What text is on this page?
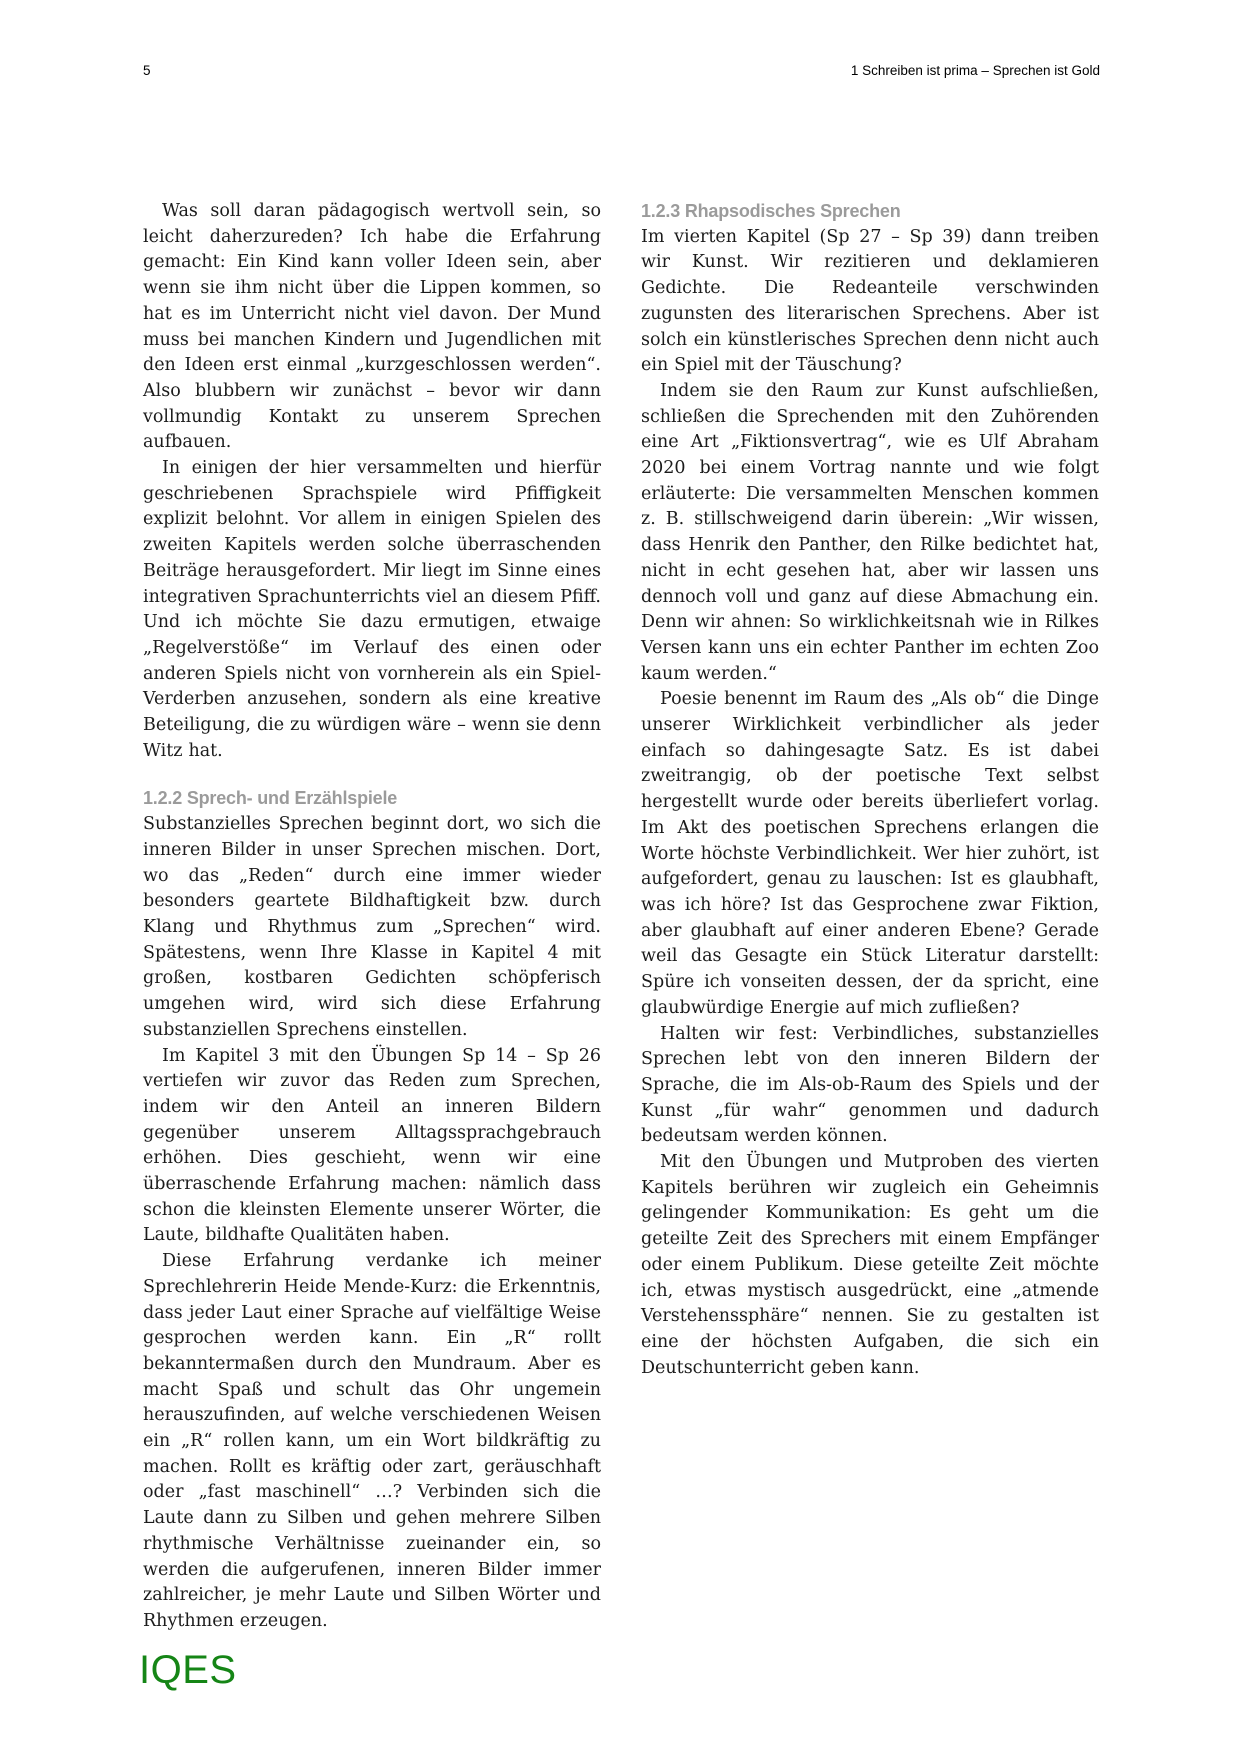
5	1 Schreiben ist prima – Sprechen ist Gold

Was soll daran pädagogisch wertvoll sein, so leicht daherzureden? Ich habe die Erfahrung gemacht: Ein Kind kann voller Ideen sein, aber wenn sie ihm nicht über die Lippen kommen, so hat es im Unterricht nicht viel davon. Der Mund muss bei manchen Kindern und Jugendlichen mit den Ideen erst einmal „kurzgeschlossen werden“. Also blubbern wir zunächst – bevor wir dann vollmundig Kontakt zu unserem Sprechen aufbauen.

In einigen der hier versammelten und hierfür geschriebenen Sprachspiele wird Pfiffigkeit explizit belohnt. Vor allem in einigen Spielen des zweiten Kapitels werden solche überraschenden Beiträge herausgefordert. Mir liegt im Sinne eines integrativen Sprachunterrichts viel an diesem Pfiff. Und ich möchte Sie dazu ermutigen, etwaige „Regelverstöße“ im Verlauf des einen oder anderen Spiels nicht von vornherein als ein Spiel-Verderben anzusehen, sondern als eine kreative Beteiligung, die zu würdigen wäre – wenn sie denn Witz hat.

1.2.2 Sprech- und Erzählspiele

Substanzielles Sprechen beginnt dort, wo sich die inneren Bilder in unser Sprechen mischen. Dort, wo das „Reden“ durch eine immer wieder besonders geartete Bildhaftigkeit bzw. durch Klang und Rhythmus zum „Sprechen“ wird. Spätestens, wenn Ihre Klasse in Kapitel 4 mit großen, kostbaren Gedichten schöpferisch umgehen wird, wird sich diese Erfahrung substanziellen Sprechens einstellen.

Im Kapitel 3 mit den Übungen Sp 14 – Sp 26 vertiefen wir zuvor das Reden zum Sprechen, indem wir den Anteil an inneren Bildern gegenüber unserem Alltagssprachgebrauch erhöhen. Dies geschieht, wenn wir eine überraschende Erfahrung machen: nämlich dass schon die kleinsten Elemente unserer Wörter, die Laute, bildhafte Qualitäten haben.

Diese Erfahrung verdanke ich meiner Sprechlehrerin Heide Mende-Kurz: die Erkenntnis, dass jeder Laut einer Sprache auf vielfältige Weise gesprochen werden kann. Ein „R“ rollt bekanntermaßen durch den Mundraum. Aber es macht Spaß und schult das Ohr ungemein herauszufinden, auf welche verschiedenen Weisen ein „R“ rollen kann, um ein Wort bildkräftig zu machen. Rollt es kräftig oder zart, geräuschhaft oder „fast maschinell“ …? Verbinden sich die Laute dann zu Silben und gehen mehrere Silben rhythmische Verhältnisse zueinander ein, so werden die aufgerufenen, inneren Bilder immer zahlreicher, je mehr Laute und Silben Wörter und Rhythmen erzeugen.

1.2.3 Rhapsodisches Sprechen

Im vierten Kapitel (Sp 27 – Sp 39) dann treiben wir Kunst. Wir rezitieren und deklamieren Gedichte. Die Redeanteile verschwinden zugunsten des literarischen Sprechens. Aber ist solch ein künstlerisches Sprechen denn nicht auch ein Spiel mit der Täuschung?

Indem sie den Raum zur Kunst aufschließen, schließen die Sprechenden mit den Zuhörenden eine Art „Fiktionsvertrag“, wie es Ulf Abraham 2020 bei einem Vortrag nannte und wie folgt erläuterte: Die versammelten Menschen kommen z. B. stillschweigend darin überein: „Wir wissen, dass Henrik den Panther, den Rilke bedichtet hat, nicht in echt gesehen hat, aber wir lassen uns dennoch voll und ganz auf diese Abmachung ein. Denn wir ahnen: So wirklichkeitsnah wie in Rilkes Versen kann uns ein echter Panther im echten Zoo kaum werden.“

Poesie benennt im Raum des „Als ob“ die Dinge unserer Wirklichkeit verbindlicher als jeder einfach so dahingesagte Satz. Es ist dabei zweitrangig, ob der poetische Text selbst hergestellt wurde oder bereits überliefert vorlag. Im Akt des poetischen Sprechens erlangen die Worte höchste Verbindlichkeit. Wer hier zuhört, ist aufgefordert, genau zu lauschen: Ist es glaubhaft, was ich höre? Ist das Gesprochene zwar Fiktion, aber glaubhaft auf einer anderen Ebene? Gerade weil das Gesagte ein Stück Literatur darstellt: Spüre ich vonseiten dessen, der da spricht, eine glaubwürdige Energie auf mich zufließen?

Halten wir fest: Verbindliches, substanzielles Sprechen lebt von den inneren Bildern der Sprache, die im Als-ob-Raum des Spiels und der Kunst „für wahr“ genommen und dadurch bedeutsam werden können.

Mit den Übungen und Mutproben des vierten Kapitels berühren wir zugleich ein Geheimnis gelingender Kommunikation: Es geht um die geteilte Zeit des Sprechers mit einem Empfänger oder einem Publikum. Diese geteilte Zeit möchte ich, etwas mystisch ausgedrückt, eine „atmende Verstehenssphäre“ nennen. Sie zu gestalten ist eine der höchsten Aufgaben, die sich ein Deutschunterricht geben kann.

IQES
